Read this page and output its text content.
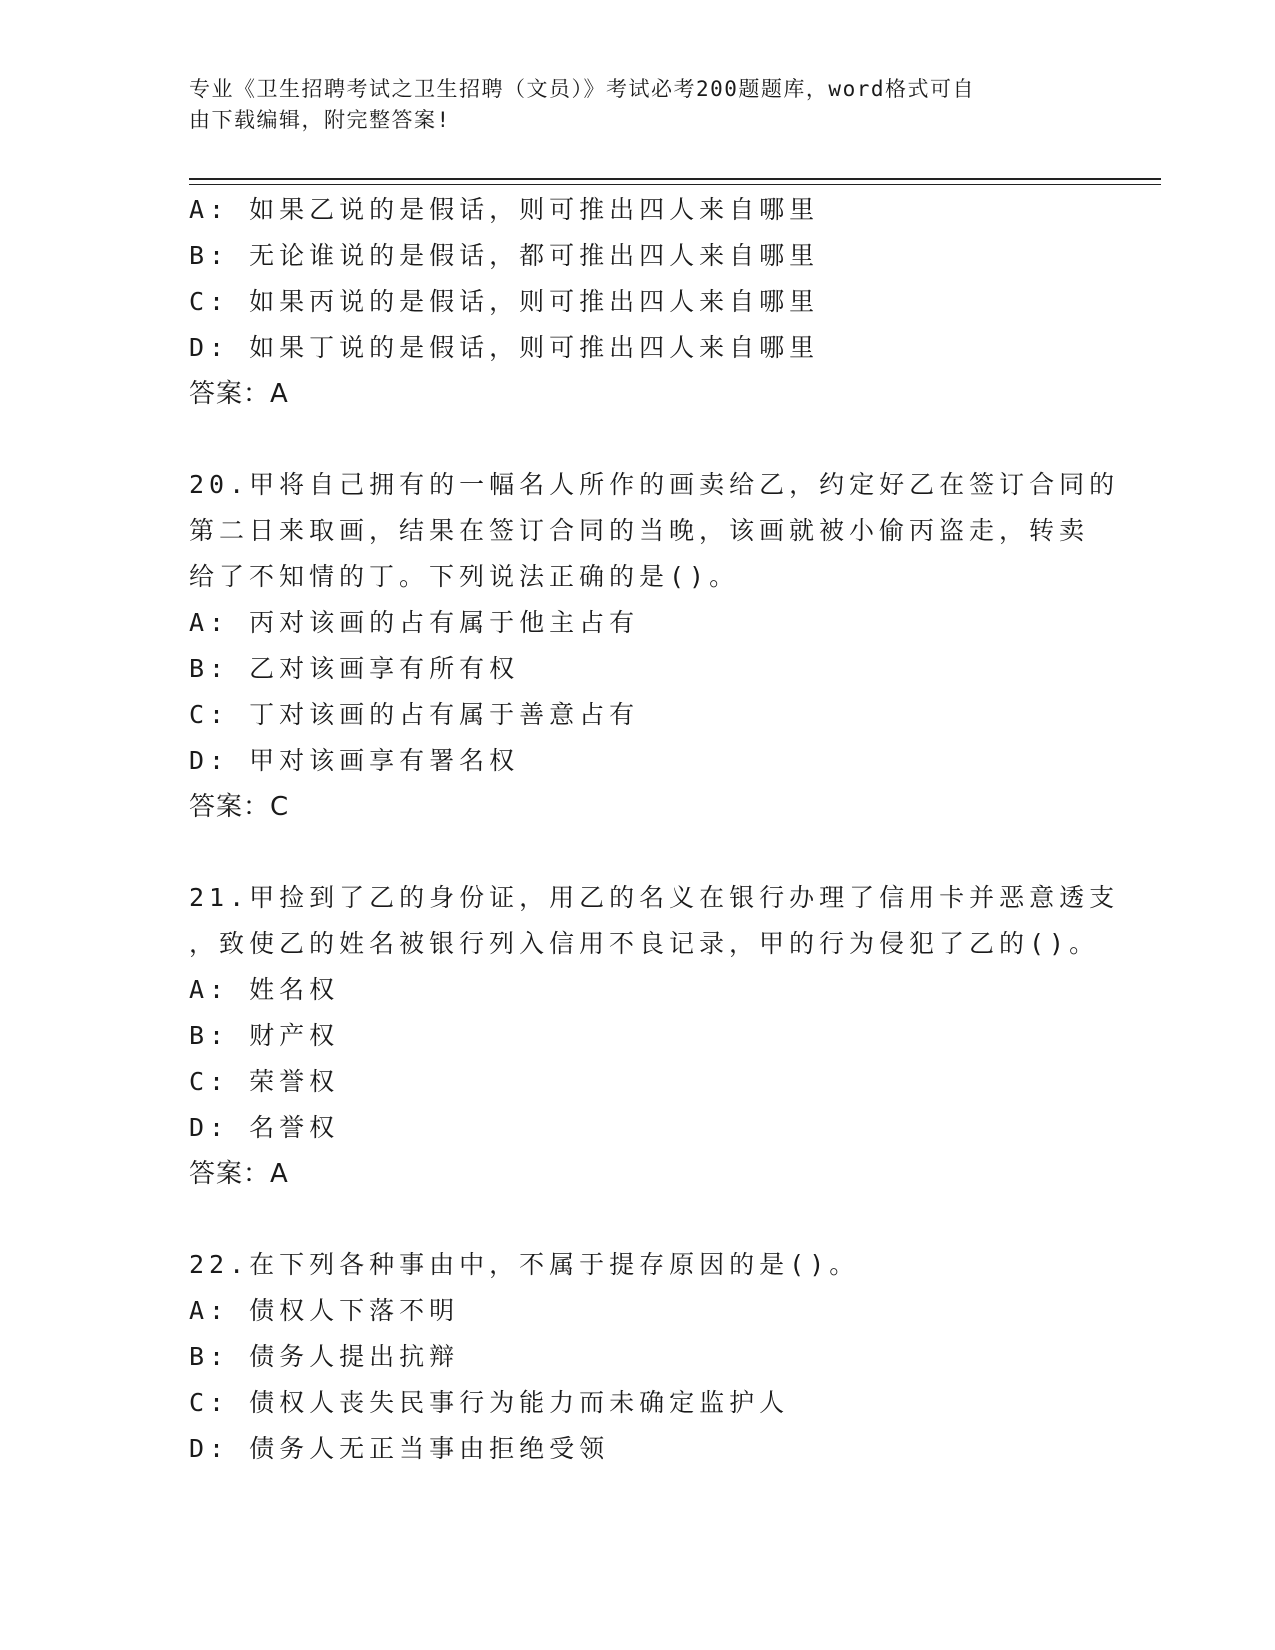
专业《卫生招聘考试之卫生招聘（文员）》考试必考200题题库，word格式可自
由下载编辑，附完整答案!
A: 如果乙说的是假话，则可推出四人来自哪里
B: 无论谁说的是假话，都可推出四人来自哪里
C: 如果丙说的是假话，则可推出四人来自哪里
D: 如果丁说的是假话，则可推出四人来自哪里
答案：A
20.甲将自己拥有的一幅名人所作的画卖给乙，约定好乙在签订合同的
第二日来取画，结果在签订合同的当晚，该画就被小偷丙盗走，转卖
给了不知情的丁。下列说法正确的是()。
A: 丙对该画的占有属于他主占有
B: 乙对该画享有所有权
C: 丁对该画的占有属于善意占有
D: 甲对该画享有署名权
答案：C
21.甲捡到了乙的身份证，用乙的名义在银行办理了信用卡并恶意透支
，致使乙的姓名被银行列入信用不良记录，甲的行为侵犯了乙的()。
A: 姓名权
B: 财产权
C: 荣誉权
D: 名誉权
答案：A
22.在下列各种事由中，不属于提存原因的是()。
A: 债权人下落不明
B: 债务人提出抗辩
C: 债权人丧失民事行为能力而未确定监护人
D: 债务人无正当事由拒绝受领
